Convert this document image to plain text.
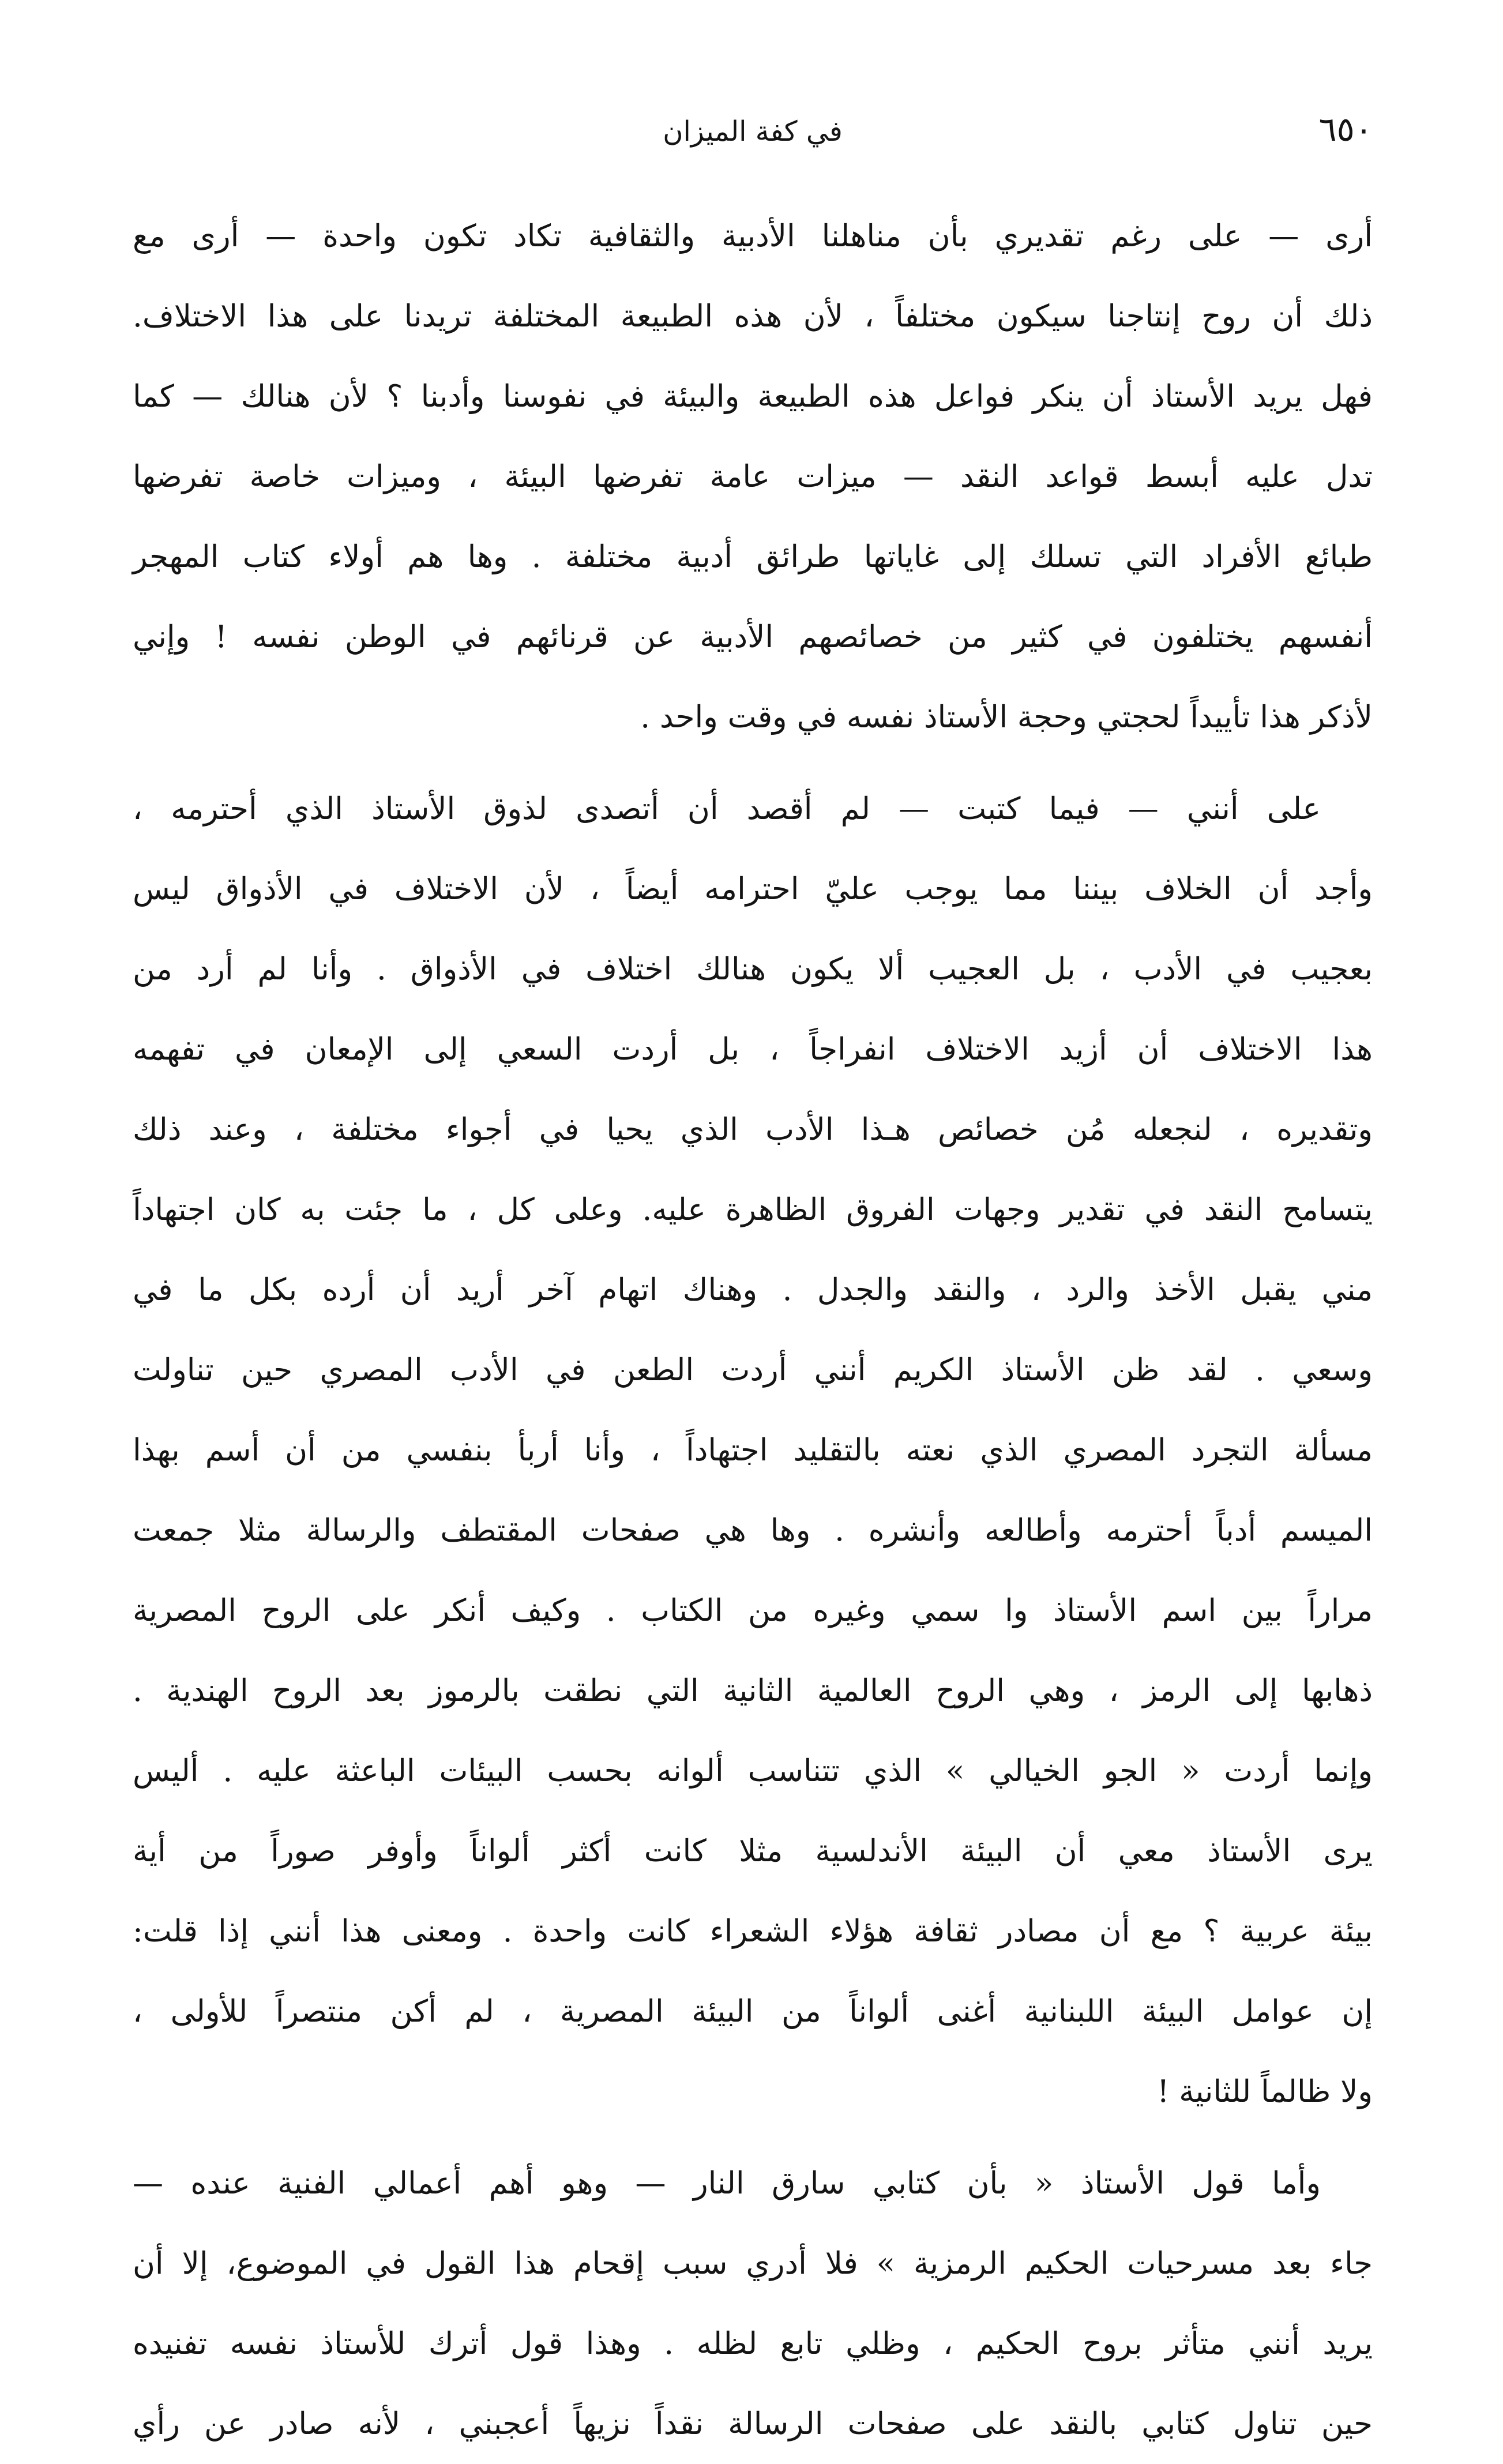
٦٥٠
في كفة الميزان

أرى — على رغم تقديري بأن مناهلنا الأدبية والثقافية تكاد تكون واحدة — أرى مع
ذلك أن روح إنتاجنا سيكون مختلفاً ، لأن هذه الطبيعة المختلفة تريدنا على هذا الاختلاف.
فهل يريد الأستاذ أن ينكر فواعل هذه الطبيعة والبيئة في نفوسنا وأدبنا ؟ لأن هنالك — كما
تدل عليه أبسط قواعد النقد — ميزات عامة تفرضها البيئة ، وميزات خاصة تفرضها
طبائع الأفراد التي تسلك إلى غاياتها طرائق أدبية مختلفة . وها هم أولاء كتاب المهجر
أنفسهم يختلفون في كثير من خصائصهم الأدبية عن قرنائهم في الوطن نفسه ! وإني
لأذكر هذا تأييداً لحجتي وحجة الأستاذ نفسه في وقت واحد .

على أنني — فيما كتبت — لم أقصد أن أتصدى لذوق الأستاذ الذي أحترمه ،
وأجد أن الخلاف بيننا مما يوجب عليّ احترامه أيضاً ، لأن الاختلاف في الأذواق ليس
بعجيب في الأدب ، بل العجيب ألا يكون هنالك اختلاف في الأذواق . وأنا لم أرد من
هذا الاختلاف أن أزيد الاختلاف انفراجاً ، بل أردت السعي إلى الإمعان في تفهمه
وتقديره ، لنجعله مُن خصائص هـذا الأدب الذي يحيا في أجواء مختلفة ، وعند ذلك
يتسامح النقد في تقدير وجهات الفروق الظاهرة عليه. وعلى كل ، ما جئت به كان اجتهاداً
مني يقبل الأخذ والرد ، والنقد والجدل . وهناك اتهام آخر أريد أن أرده بكل ما في
وسعي . لقد ظن الأستاذ الكريم أنني أردت الطعن في الأدب المصري حين تناولت
مسألة التجرد المصري الذي نعته بالتقليد اجتهاداً ، وأنا أربأ بنفسي من أن أسم بهذا
الميسم أدباً أحترمه وأطالعه وأنشره . وها هي صفحات المقتطف والرسالة مثلا جمعت
مراراً بين اسم الأستاذ وا سمي وغيره من الكتاب . وكيف أنكر على الروح المصرية
ذهابها إلى الرمز ، وهي الروح العالمية الثانية التي نطقت بالرموز بعد الروح الهندية .
وإنما أردت « الجو الخيالي » الذي تتناسب ألوانه بحسب البيئات الباعثة عليه . أليس
يرى الأستاذ معي أن البيئة الأندلسية مثلا كانت أكثر ألواناً وأوفر صوراً من أية
بيئة عربية ؟ مع أن مصادر ثقافة هؤلاء الشعراء كانت واحدة . ومعنى هذا أنني إذا قلت:
إن عوامل البيئة اللبنانية أغنى ألواناً من البيئة المصرية ، لم أكن منتصراً للأولى ،
ولا ظالماً للثانية !

وأما قول الأستاذ « بأن كتابي سارق النار — وهو أهم أعمالي الفنية عنده —
جاء بعد مسرحيات الحكيم الرمزية » فلا أدري سبب إقحام هذا القول في الموضوع، إلا أن
يريد أنني متأثر بروح الحكيم ، وظلي تابع لظله . وهذا قول أترك للأستاذ نفسه تفنيده
حين تناول كتابي بالنقد على صفحات الرسالة نقداً نزيهاً أعجبني ، لأنه صادر عن رأي
